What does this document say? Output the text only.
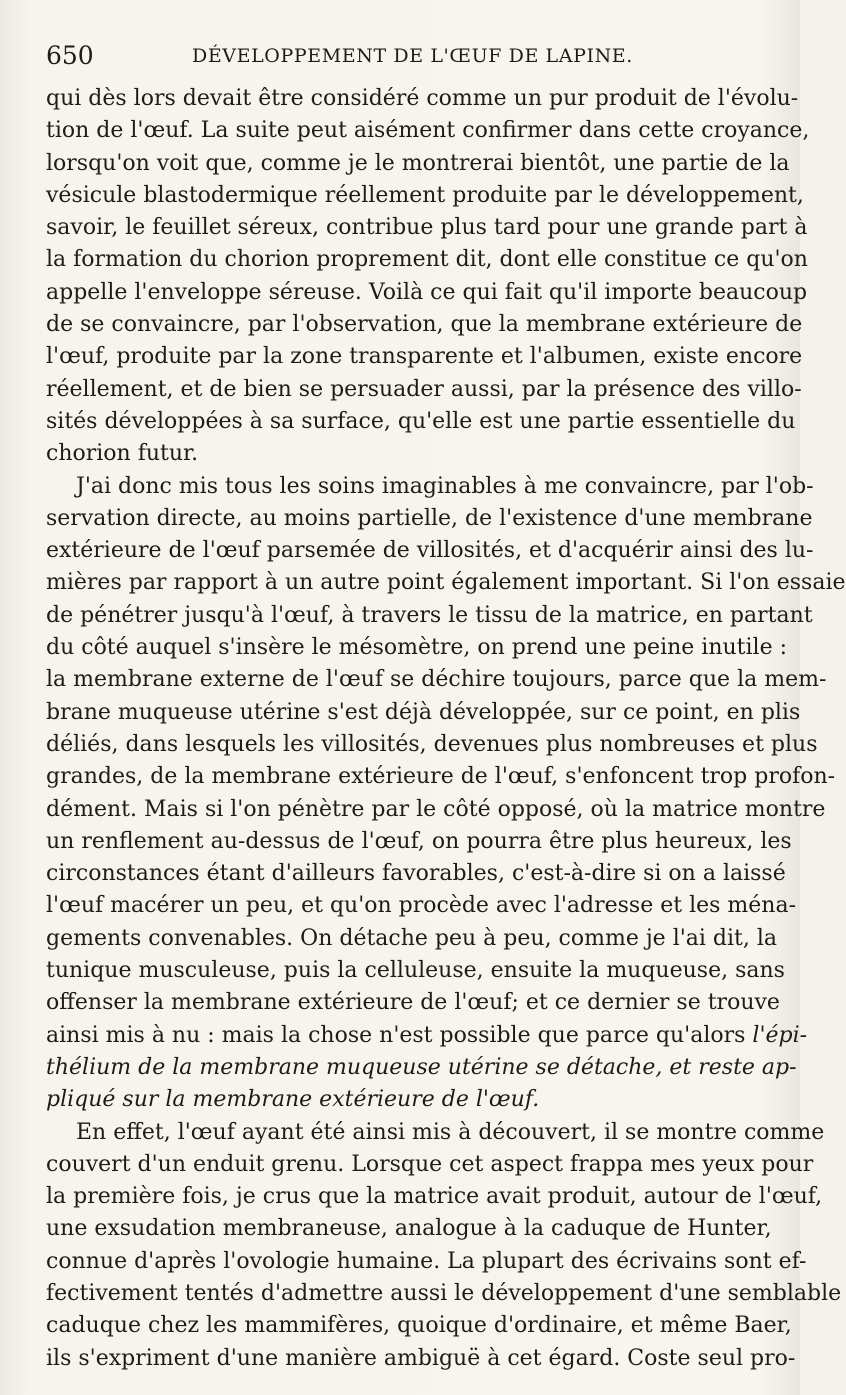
650	DÉVELOPPEMENT DE L'ŒUF DE LAPINE.
qui dès lors devait être considéré comme un pur produit de l'évolu-
tion de l'œuf. La suite peut aisément confirmer dans cette croyance,
lorsqu'on voit que, comme je le montrerai bientôt, une partie de la
vésicule blastodermique réellement produite par le développement,
savoir, le feuillet séreux, contribue plus tard pour une grande part à
la formation du chorion proprement dit, dont elle constitue ce qu'on
appelle l'enveloppe séreuse. Voilà ce qui fait qu'il importe beaucoup
de se convaincre, par l'observation, que la membrane extérieure de
l'œuf, produite par la zone transparente et l'albumen, existe encore
réellement, et de bien se persuader aussi, par la présence des villo-
sités développées à sa surface, qu'elle est une partie essentielle du
chorion futur.
J'ai donc mis tous les soins imaginables à me convaincre, par l'ob-
servation directe, au moins partielle, de l'existence d'une membrane
extérieure de l'œuf parsemée de villosités, et d'acquérir ainsi des lu-
mières par rapport à un autre point également important. Si l'on essaie
de pénétrer jusqu'à l'œuf, à travers le tissu de la matrice, en partant
du côté auquel s'insère le mésomètre, on prend une peine inutile :
la membrane externe de l'œuf se déchire toujours, parce que la mem-
brane muqueuse utérine s'est déjà développée, sur ce point, en plis
déliés, dans lesquels les villosités, devenues plus nombreuses et plus
grandes, de la membrane extérieure de l'œuf, s'enfoncent trop profon-
dément. Mais si l'on pénètre par le côté opposé, où la matrice montre
un renflement au-dessus de l'œuf, on pourra être plus heureux, les
circonstances étant d'ailleurs favorables, c'est-à-dire si on a laissé
l'œuf macérer un peu, et qu'on procède avec l'adresse et les ména-
gements convenables. On détache peu à peu, comme je l'ai dit, la
tunique musculeuse, puis la celluleuse, ensuite la muqueuse, sans
offenser la membrane extérieure de l'œuf; et ce dernier se trouve
ainsi mis à nu : mais la chose n'est possible que parce qu'alors l'épi-
thélium de la membrane muqueuse utérine se détache, et reste ap-
pliqué sur la membrane extérieure de l'œuf.
En effet, l'œuf ayant été ainsi mis à découvert, il se montre comme
couvert d'un enduit grenu. Lorsque cet aspect frappa mes yeux pour
la première fois, je crus que la matrice avait produit, autour de l'œuf,
une exsudation membraneuse, analogue à la caduque de Hunter,
connue d'après l'ovologie humaine. La plupart des écrivains sont ef-
fectivement tentés d'admettre aussi le développement d'une semblable
caduque chez les mammifères, quoique d'ordinaire, et même Baer,
ils s'expriment d'une manière ambiguë à cet égard. Coste seul pro-
